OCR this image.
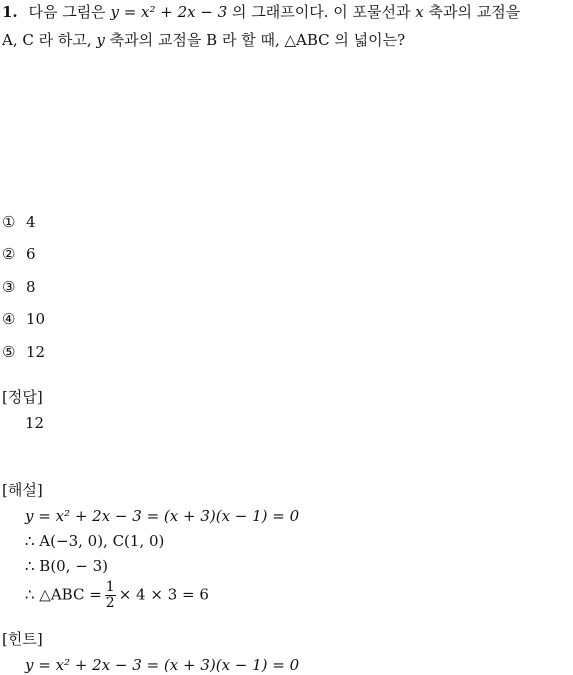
1. 다음 그림은 y = x² + 2x − 3 의 그래프이다. 이 포물선과 x 축과의 교점을
A, C 라 하고, y 축과의 교점을 B 라 할 때, △ABC 의 넓이는?
① 4
② 6
③ 8
④ 10
⑤ 12
[정답]
12
[해설]
y = x² + 2x − 3 = (x + 3)(x − 1) = 0
∴ A(−3, 0), C(1, 0)
∴ B(0, − 3)
∴ △ABC = $\frac{1}{2} \times 4 \times 3 = 6$
[힌트]
y = x² + 2x − 3 = (x + 3)(x − 1) = 0
